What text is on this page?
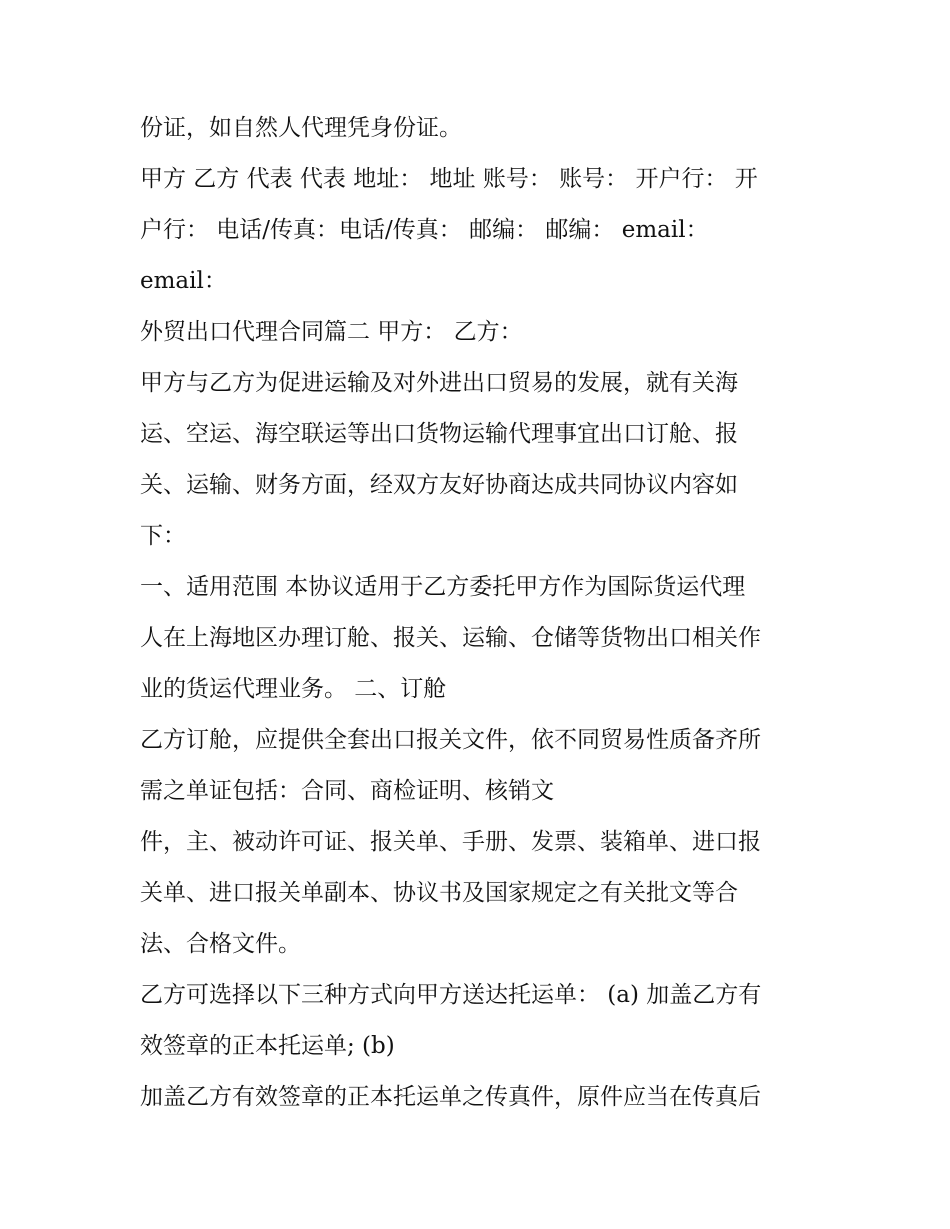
份证，如自然人代理凭身份证。
甲方 乙方 代表 代表 地址： 地址 账号： 账号： 开户行： 开
户行： 电话/传真：电话/传真： 邮编： 邮编： email：
email：
外贸出口代理合同篇二 甲方： 乙方：
甲方与乙方为促进运输及对外进出口贸易的发展，就有关海
运、空运、海空联运等出口货物运输代理事宜出口订舱、报
关、运输、财务方面，经双方友好协商达成共同协议内容如
下：
一、适用范围 本协议适用于乙方委托甲方作为国际货运代理
人在上海地区办理订舱、报关、运输、仓储等货物出口相关作
业的货运代理业务。 二、订舱
乙方订舱，应提供全套出口报关文件，依不同贸易性质备齐所
需之单证包括：合同、商检证明、核销文
件，主、被动许可证、报关单、手册、发票、装箱单、进口报
关单、进口报关单副本、协议书及国家规定之有关批文等合
法、合格文件。
乙方可选择以下三种方式向甲方送达托运单： (a) 加盖乙方有
效签章的正本托运单; (b)
加盖乙方有效签章的正本托运单之传真件，原件应当在传真后
